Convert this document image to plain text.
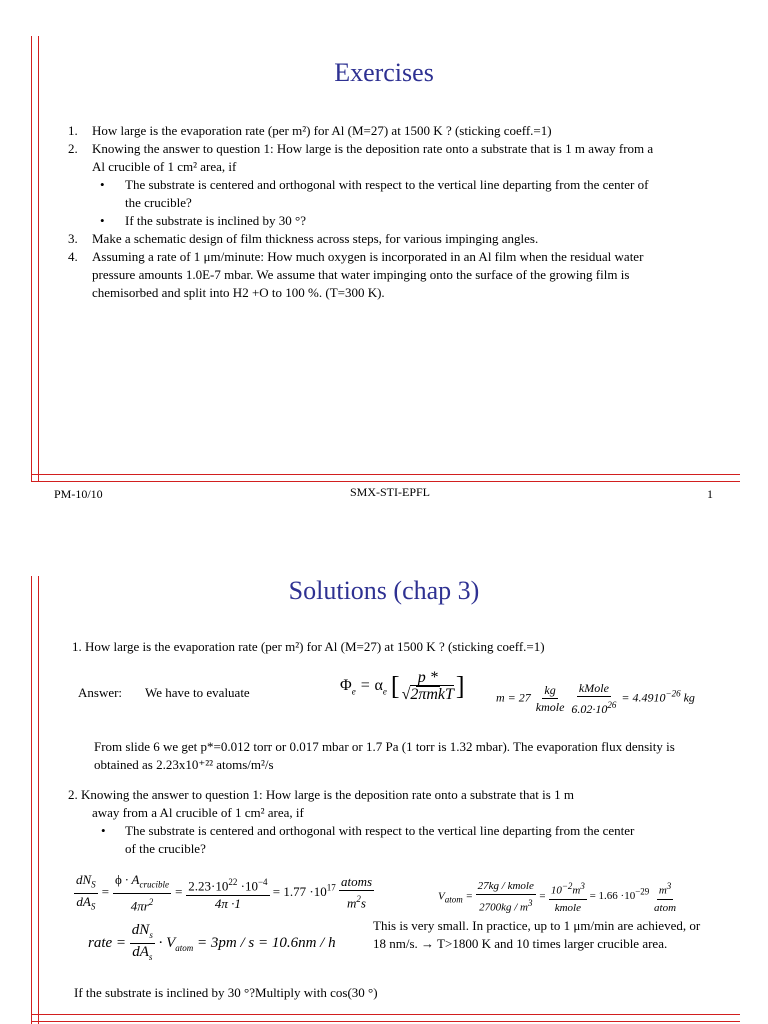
Exercises
1. How large is the evaporation rate (per m²) for Al (M=27) at 1500 K ? (sticking coeff.=1)
2. Knowing the answer to question 1: How large is the deposition rate onto a substrate that is 1 m away from a Al crucible of 1 cm² area, if
• The substrate is centered and orthogonal with respect to the vertical line departing from the center of the crucible?
• If the substrate is inclined by 30 °?
3. Make a schematic design of film thickness across steps, for various impinging angles.
4. Assuming a rate of 1 μm/minute: How much oxygen is incorporated in an Al film when the residual water pressure amounts 1.0E-7 mbar. We assume that water impinging onto the surface of the growing film is chemisorbed and split into H2 +O to 100 %. (T=300 K).
PM-10/10	SMX-STI-EPFL	1
Solutions (chap 3)
1. How large is the evaporation rate (per m²) for Al (M=27) at 1500 K ? (sticking coeff.=1)
Answer: We have to evaluate	$\Phi_e = \alpha_e$ [ $\frac{p *}{\text{√2πmkT}}$ ]	$m = 27 \frac{kg}{\text{kmole}}$
$\frac{\text{kMole}}{6.02\cdot 10^{26}} = 4.4910^{-26}$ kg
From slide 6 we get p*=0.012 torr or 0.017 mbar or 1.7 Pa (1 torr is 1.32 mbar). The evaporation flux density is obtained as 2.23x10⁺²² atoms/m²/s
2. Knowing the answer to question 1: How large is the deposition rate onto a substrate that is 1 m
away from a Al crucible of 1 cm² area, if
• The substrate is centered and orthogonal with respect to the vertical line departing from the center of the crucible?
$\frac{dN_S}{dA_S} = \frac{\phi \cdot A_{crucible}}{4\pi r^2} = \frac{2.23\cdot 10^{22} \cdot 10^{-4}}{4\pi \cdot 1} = 1.77 \cdot 10^{17} \frac{\text{atoms}}{m^2s}$	$V_{atom} = \frac{\text{27kg / kmole}}{2700kg / m^3} = \frac{10^{-2}m^3}{\text{kmole}} = 1.66 \cdot 10^{-29} \frac{m^3}{\text{atom}}$
rate = $\frac{dN_s}{dA_s} \cdot V_{atom} = 3pm / s = 10.6nm / h$
This is very small. In practice, up to 1 μm/min are achieved, or 18 nm/s. → T>1800 K and 10 times larger crucible area.
If the substrate is inclined by 30 °?Multiply with cos(30 °)
